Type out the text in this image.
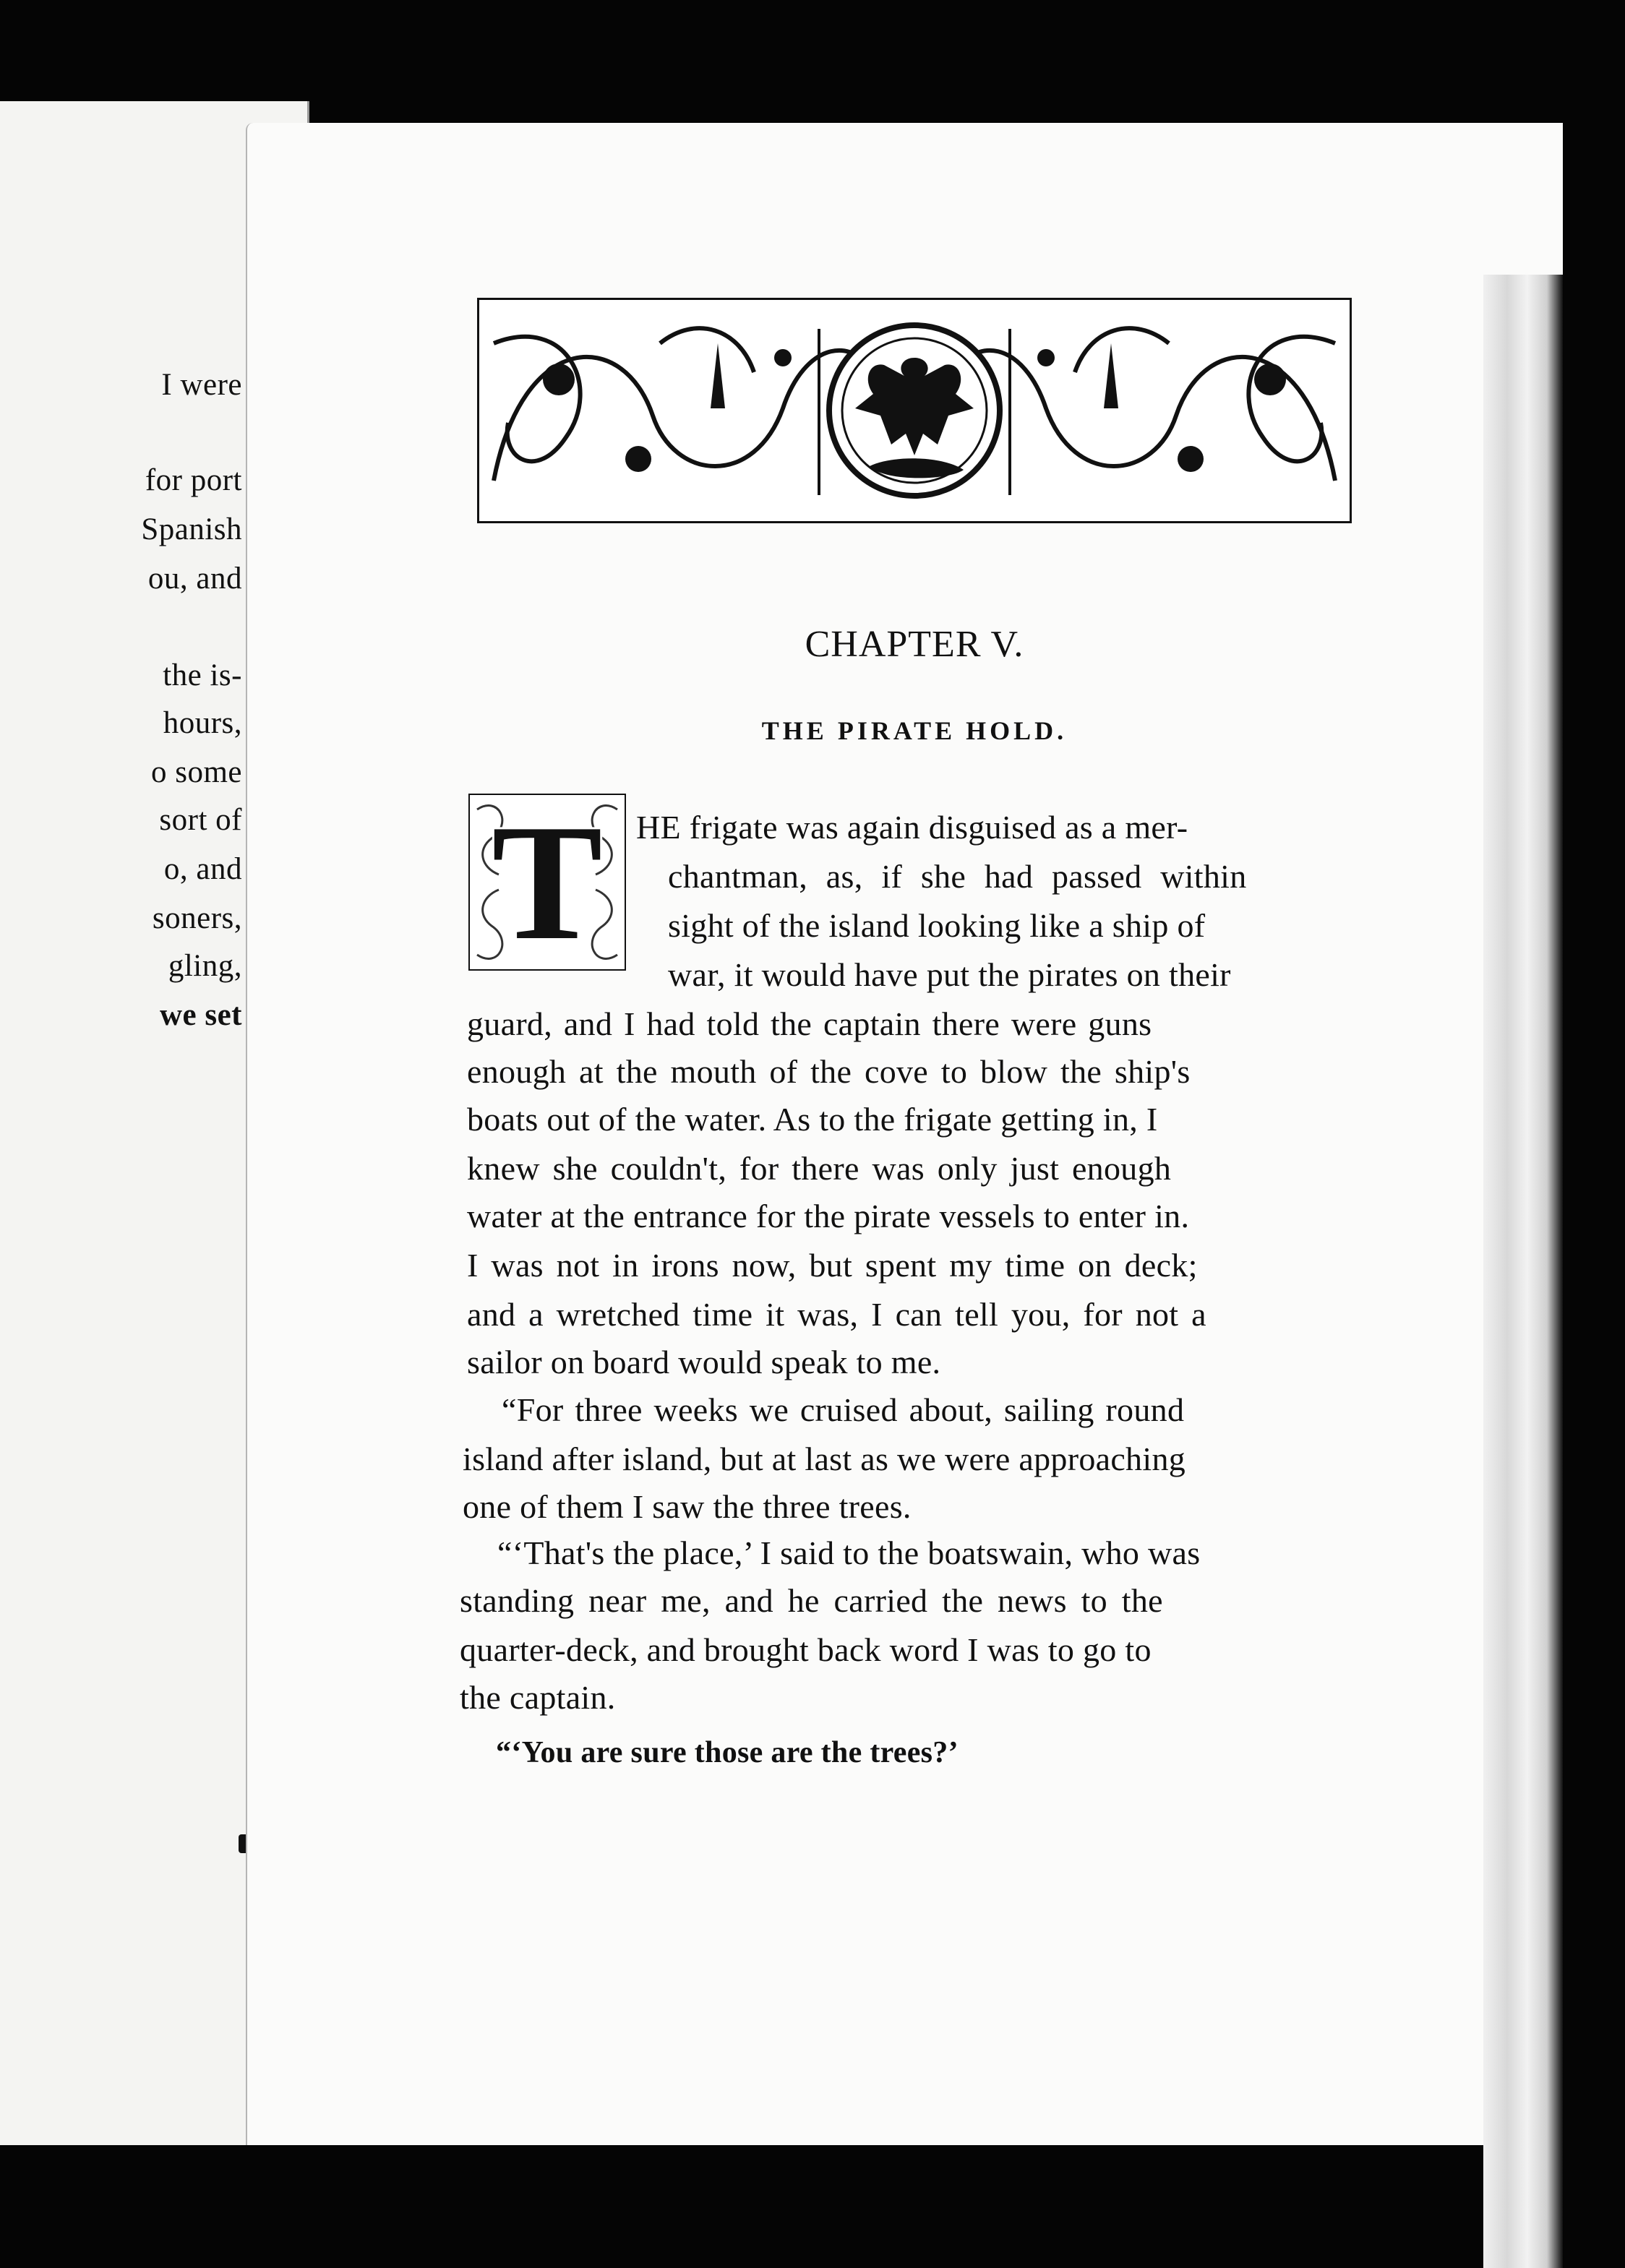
I were
for port
Spanish
ou, and
the is-
hours,
o some
sort of
o, and
soners,
gling,
we set
CHAPTER V.
THE PIRATE HOLD.
T	HE frigate was again disguised as a mer-
chantman, as, if she had passed within
sight of the island looking like a ship of
war, it would have put the pirates on their
guard, and I had told the captain there were guns
enough at the mouth of the cove to blow the ship's
boats out of the water. As to the frigate getting in, I
knew she couldn't, for there was only just enough
water at the entrance for the pirate vessels to enter in.
I was not in irons now, but spent my time on deck;
and a wretched time it was, I can tell you, for not a
sailor on board would speak to me.
“For three weeks we cruised about, sailing round
island after island, but at last as we were approaching
one of them I saw the three trees.
“‘That's the place,’ I said to the boatswain, who was
standing near me, and he carried the news to the
quarter-deck, and brought back word I was to go to
the captain.
“‘You are sure those are the trees?’
